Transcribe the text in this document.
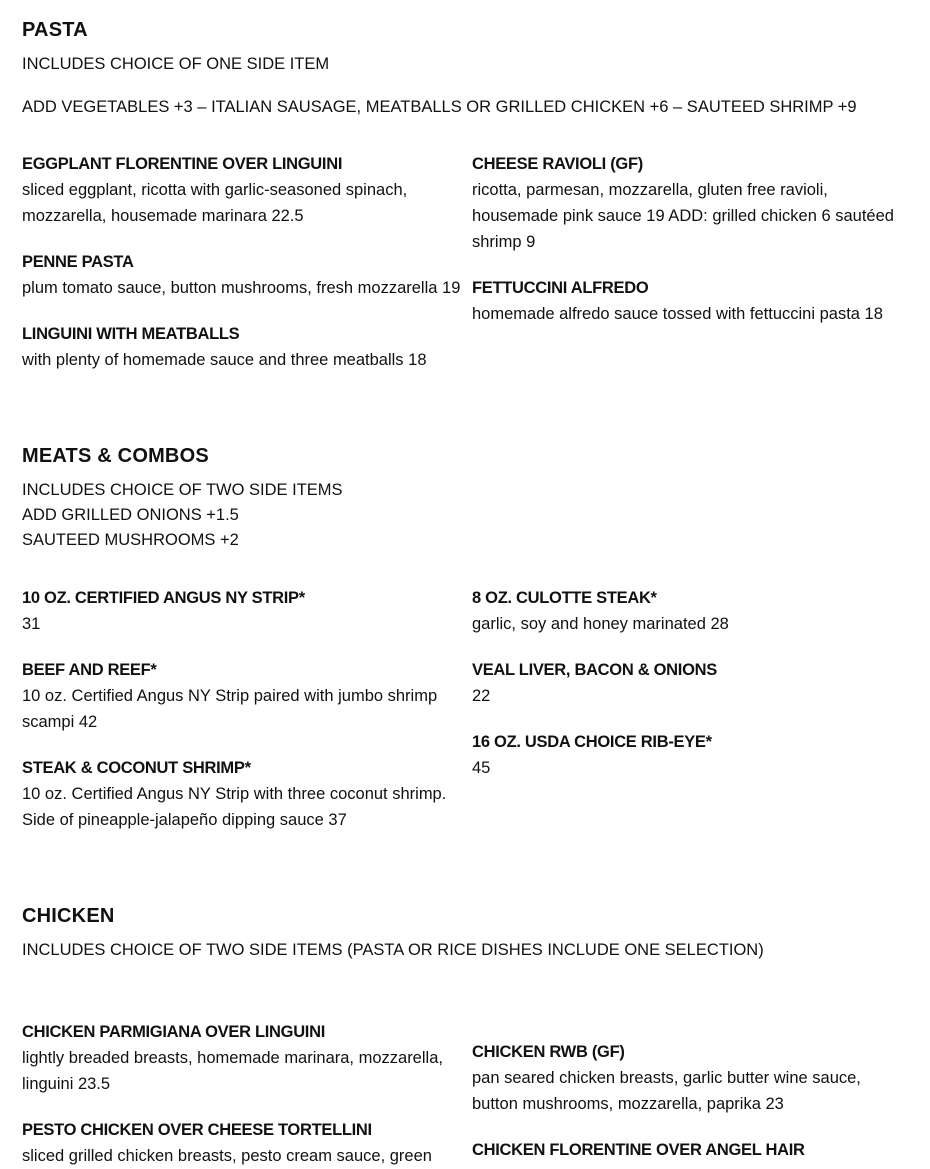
PASTA

INCLUDES CHOICE OF ONE SIDE ITEM

ADD VEGETABLES +3 – ITALIAN SAUSAGE, MEATBALLS OR GRILLED CHICKEN +6 – SAUTEED SHRIMP +9

EGGPLANT FLORENTINE OVER LINGUINI

sliced eggplant, ricotta with garlic-seasoned spinach, mozzarella, housemade marinara 22.5

PENNE PASTA

plum tomato sauce, button mushrooms, fresh mozzarella 19

LINGUINI WITH MEATBALLS

with plenty of homemade sauce and three meatballs 18

CHEESE RAVIOLI (GF)

ricotta, parmesan, mozzarella, gluten free ravioli, housemade pink sauce 19 ADD: grilled chicken 6 sautéed shrimp 9

FETTUCCINI ALFREDO

homemade alfredo sauce tossed with fettuccini pasta 18

MEATS & COMBOS

INCLUDES CHOICE OF TWO SIDE ITEMS

ADD GRILLED ONIONS +1.5

SAUTEED MUSHROOMS +2

10 OZ. CERTIFIED ANGUS NY STRIP*

31

BEEF AND REEF*

10 oz. Certified Angus NY Strip paired with jumbo shrimp scampi 42

STEAK & COCONUT SHRIMP*

10 oz. Certified Angus NY Strip with three coconut shrimp. Side of pineapple-jalapeño dipping sauce 37

8 OZ. CULOTTE STEAK*

garlic, soy and honey marinated 28

VEAL LIVER, BACON & ONIONS

22

16 OZ. USDA CHOICE RIB-EYE*

45

CHICKEN

INCLUDES CHOICE OF TWO SIDE ITEMS (PASTA OR RICE DISHES INCLUDE ONE SELECTION)

CHICKEN PARMIGIANA OVER LINGUINI

lightly breaded breasts, homemade marinara, mozzarella, linguini 23.5

PESTO CHICKEN OVER CHEESE TORTELLINI

sliced grilled chicken breasts, pesto cream sauce, green

CHICKEN RWB (GF)

pan seared chicken breasts, garlic butter wine sauce, button mushrooms, mozzarella, paprika 23

CHICKEN FLORENTINE OVER ANGEL HAIR
